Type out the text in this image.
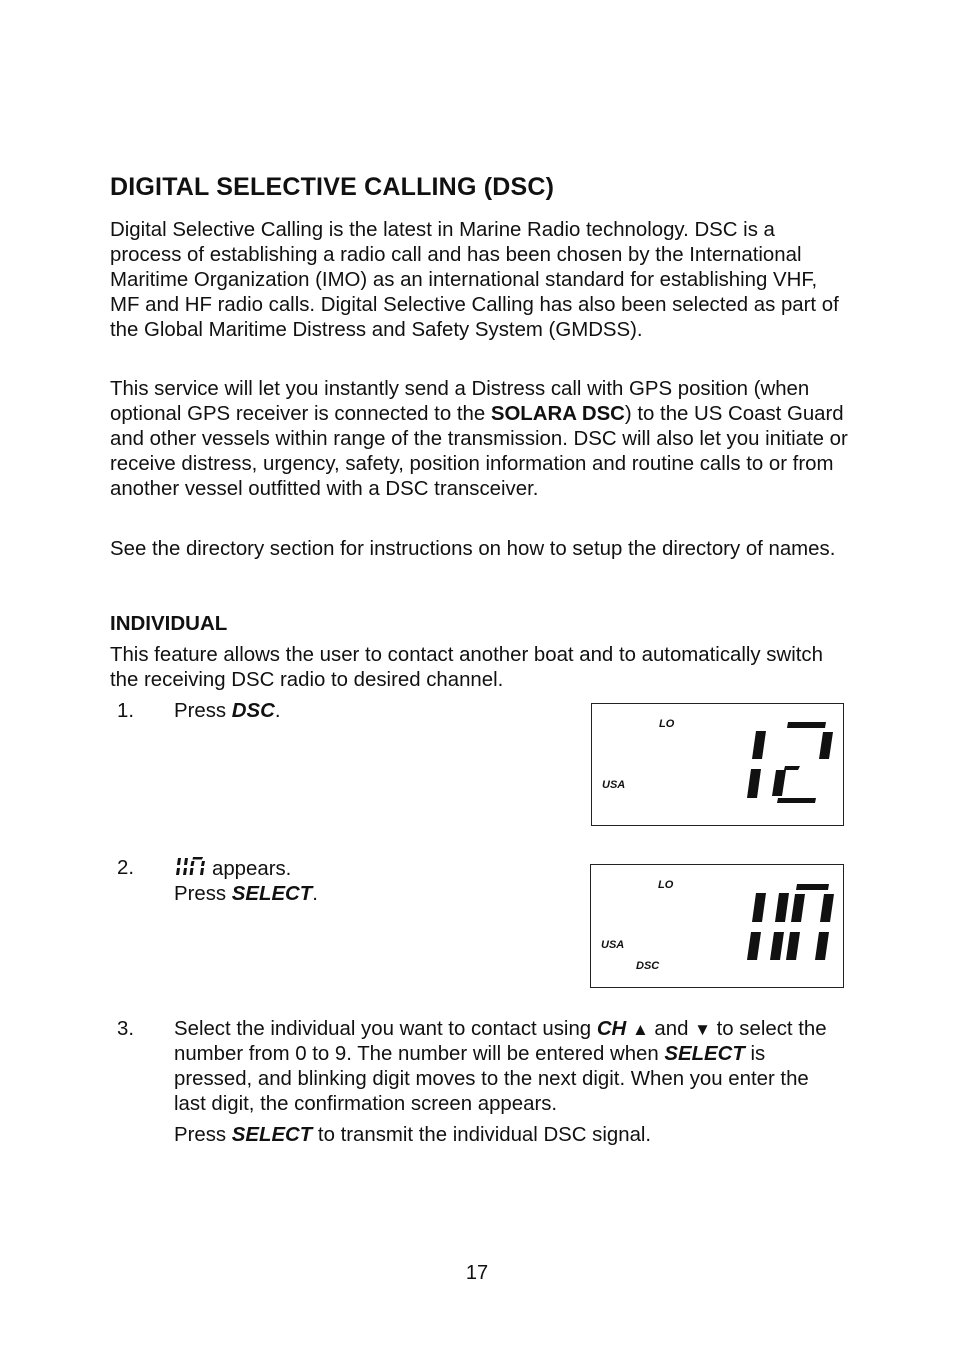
DIGITAL SELECTIVE CALLING (DSC)

Digital Selective Calling is the latest in Marine Radio technology. DSC is a process of establishing a radio call and has been chosen by the International Maritime Organization (IMO) as an international standard for establishing VHF, MF and HF radio calls. Digital Selective Calling has also been selected as part of the Global Maritime Distress and Safety System (GMDSS).

This service will let you instantly send a Distress call with GPS position (when optional GPS receiver is connected to the SOLARA DSC) to the US Coast Guard and other vessels within range of the transmission. DSC will also let you initiate or receive distress, urgency, safety, position information and routine calls to or from another vessel outfitted with a DSC transceiver.

See the directory section for instructions on how to setup the directory of names.

INDIVIDUAL

This feature allows the user to contact another boat and to automatically switch the receiving DSC radio to desired channel.

1. Press DSC.

2.	appears.
Press SELECT.

3. Select the individual you want to contact using CH ▲ and ▼ to select the number from 0 to 9. The number will be entered when SELECT is pressed, and blinking digit moves to the next digit. When you enter the last digit, the confirmation screen appears.

Press SELECT to transmit the individual DSC signal.

LO
USA
LO
USA
DSC
17
